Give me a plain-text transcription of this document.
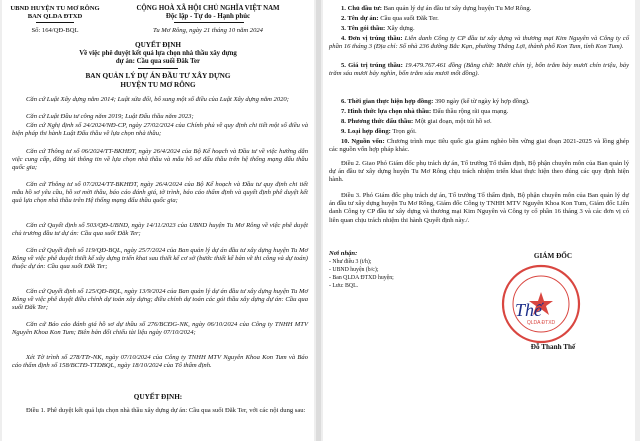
UBND HUYỆN TU MƠ RÔNG
BAN QLDA ĐTXD
Số: 164/QĐ-BQL
CỘNG HOÀ XÃ HỘI CHỦ NGHĨA VIỆT NAM
Độc lập - Tự do - Hạnh phúc
Tu Mơ Rông, ngày 21 tháng 10 năm 2024
QUYẾT ĐỊNH
Về việc phê duyệt kết quả lựa chọn nhà thầu xây dựng
dự án: Cầu qua suối Đăk Ter
BAN QUẢN LÝ DỰ ÁN ĐẦU TƯ XÂY DỰNG
HUYỆN TU MƠ RÔNG
Căn cứ Luật Xây dựng năm 2014; Luật sửa đổi, bổ sung một số điều của Luật Xây dựng năm 2020;
Căn cứ Luật Đầu tư công năm 2019; Luật Đấu thầu năm 2023;
Căn cứ Nghị định số 24/2024/NĐ-CP, ngày 27/02/2024 của Chính phủ về quy định chi tiết một số điều và biện pháp thi hành Luật Đấu thầu về lựa chọn nhà thầu;
Căn cứ Thông tư số 06/2024/TT-BKHĐT, ngày 26/4/2024 của Bộ Kế hoạch và Đầu tư về việc hướng dẫn việc cung cấp, đăng tải thông tin về lựa chọn nhà thầu và mẫu hồ sơ đấu thầu trên hệ thống mạng đấu thầu quốc gia;
Căn cứ Thông tư số 07/2024/TT-BKHĐT, ngày 26/4/2024 của Bộ Kế hoạch và Đầu tư quy định chi tiết mẫu hồ sơ yêu cầu, hồ sơ mời thầu, báo cáo đánh giá, tờ trình, báo cáo thẩm định và quyết định phê duyệt kết quả lựa chọn nhà thầu trên Hệ thống mạng đấu thầu quốc gia;
Căn cứ Quyết định số 503/QĐ-UBND, ngày 14/11/2023 của UBND huyện Tu Mơ Rông về việc phê duyệt chủ trương đầu tư dự án: Cầu qua suối Đăk Ter;
Căn cứ Quyết định số 119/QĐ-BQL, ngày 25/7/2024 của Ban quản lý dự án đầu tư xây dựng huyện Tu Mơ Rông về việc phê duyệt thiết kế xây dựng triển khai sau thiết kế cơ sở (bước thiết kế bản vẽ thi công và dự toán) thuộc dự án: Cầu qua suối Đăk Ter;
Căn cứ Quyết định số 125/QĐ-BQL, ngày 13/9/2024 của Ban quản lý dự án đầu tư xây dựng huyện Tu Mơ Rông về việc phê duyệt điều chỉnh dự toán xây dựng; điều chỉnh dự toán các gói thầu xây dựng dự án: Cầu qua suối Đăk Ter;
Căn cứ Báo cáo đánh giá hồ sơ dự thầu số 276/BCĐG-NK, ngày 06/10/2024 của Công ty TNHH MTV Nguyên Khoa Kon Tum; Biên bản đối chiếu tài liệu ngày 07/10/2024;
Xét Tờ trình số 278/TTr-NK, ngày 07/10/2024 của Công ty TNHH MTV Nguyên Khoa Kon Tum và Báo cáo thẩm định số 158/BCTĐ-TTDBQL, ngày 18/10/2024 của Tổ thẩm định.
QUYẾT ĐỊNH:
Điều 1. Phê duyệt kết quả lựa chọn nhà thầu xây dựng dự án: Cầu qua suối Đăk Ter, với các nội dung sau:
1. Chủ đầu tư: Ban quản lý dự án đầu tư xây dựng huyện Tu Mơ Rông.
2. Tên dự án: Cầu qua suối Đăk Ter.
3. Tên gói thầu: Xây dựng.
4. Đơn vị trúng thầu: Liên danh Công ty CP đầu tư xây dựng và thương mại Kim Nguyên và Công ty cổ phần 16 tháng 3 (Địa chỉ: Số nhà 236 đường Bắc Kạn, phường Thắng Lợi, thành phố Kon Tum, tỉnh Kon Tum).
5. Giá trị trúng thầu: 19.479.767.461 đồng (Bằng chữ: Mười chín tỷ, bốn trăm bảy mươi chín triệu, bảy trăm sáu mươi bảy nghìn, bốn trăm sáu mươi mốt đồng).
6. Thời gian thực hiện hợp đồng: 390 ngày (kể từ ngày ký hợp đồng).
7. Hình thức lựa chọn nhà thầu: Đấu thầu rộng rãi qua mạng.
8. Phương thức đấu thầu: Một giai đoạn, một túi hồ sơ.
9. Loại hợp đồng: Trọn gói.
10. Nguồn vốn: Chương trình mục tiêu quốc gia giảm nghèo bền vững giai đoạn 2021-2025 và lồng ghép các nguồn vốn hợp pháp khác.
Điều 2. Giao Phó Giám đốc phụ trách dự án, Tổ trưởng Tổ thẩm định, Bộ phận chuyên môn của Ban quản lý dự án đầu tư xây dựng huyện Tu Mơ Rông chịu trách nhiệm triển khai thực hiện theo đúng các quy định hiện hành.
Điều 3. Phó Giám đốc phụ trách dự án, Tổ trưởng Tổ thẩm định, Bộ phận chuyên môn của Ban quản lý dự án đầu tư xây dựng huyện Tu Mơ Rông, Giám đốc Công ty TNHH MTV Nguyên Khoa Kon Tum, Giám đốc Liên danh Công ty CP đầu tư xây dựng và thương mại Kim Nguyên và Công ty cổ phần 16 tháng 3 và các đơn vị có liên quan chịu trách nhiệm thi hành Quyết định này./.
Nơi nhận:
- Như điều 3 (t/h);
- UBND huyện (b/c);
- Ban QLDA ĐTXD huyện;
- Lưu: BQL.
GIÁM ĐỐC
QLDA ĐTXD
Thế
Đỗ Thanh Thế
